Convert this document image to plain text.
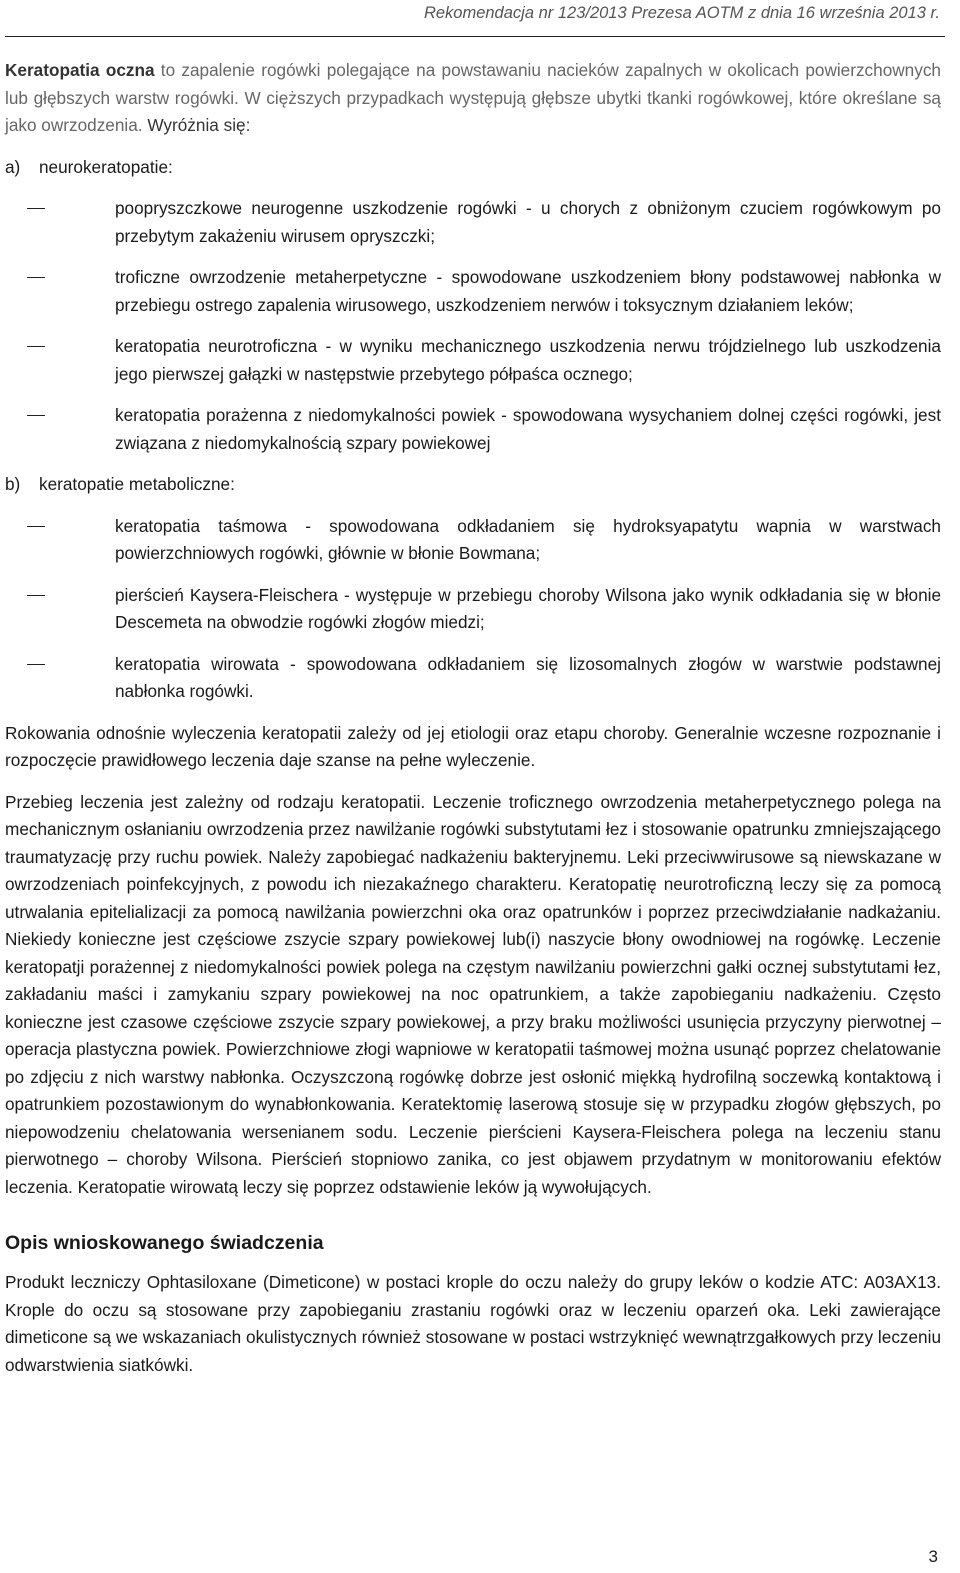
Rekomendacja nr 123/2013 Prezesa AOTM z dnia 16 września 2013 r.

Keratopatia oczna to zapalenie rogówki polegające na powstawaniu nacieków zapalnych w okolicach powierzchownych lub głębszych warstw rogówki. W cięższych przypadkach występują głębsze ubytki tkanki rogówkowej, które określane są jako owrzodzenia. Wyróżnia się:

a)	neurokeratopatie:
poopryszczkowe neurogenne uszkodzenie rogówki - u chorych z obniżonym czuciem rogówkowym po przebytym zakażeniu wirusem opryszczki;
troficzne owrzodzenie metaherpetyczne - spowodowane uszkodzeniem błony podstawowej nabłonka w przebiegu ostrego zapalenia wirusowego, uszkodzeniem nerwów i toksycznym działaniem leków;
keratopatia neurotroficzna - w wyniku mechanicznego uszkodzenia nerwu trójdzielnego lub uszkodzenia jego pierwszej gałązki w następstwie przebytego półpaśca ocznego;
keratopatia porażenna z niedomykalności powiek - spowodowana wysychaniem dolnej części rogówki, jest związana z niedomykalnością szpary powiekowej
b)	keratopatie metaboliczne:
keratopatia taśmowa - spowodowana odkładaniem się hydroksyapatytu wapnia w warstwach powierzchniowych rogówki, głównie w błonie Bowmana;
pierścień Kaysera-Fleischera - występuje w przebiegu choroby Wilsona jako wynik odkładania się w błonie Descemeta na obwodzie rogówki złogów miedzi;
keratopatia wirowata - spowodowana odkładaniem się lizosomalnych złogów w warstwie podstawnej nabłonka rogówki.

Rokowania odnośnie wyleczenia keratopatii zależy od jej etiologii oraz etapu choroby. Generalnie wczesne rozpoznanie i rozpoczęcie prawidłowego leczenia daje szanse na pełne wyleczenie.

Przebieg leczenia jest zależny od rodzaju keratopatii. Leczenie troficznego owrzodzenia metaherpetycznego polega na mechanicznym osłanianiu owrzodzenia przez nawilżanie rogówki substytutami łez i stosowanie opatrunku zmniejszającego traumatyzację przy ruchu powiek. Należy zapobiegać nadkażeniu bakteryjnemu. Leki przeciwwirusowe są niewskazane w owrzodzeniach poinfekcyjnych, z powodu ich niezakaźnego charakteru. Keratopatię neurotroficzną leczy się za pomocą utrwalania epitelializacji za pomocą nawilżania powierzchni oka oraz opatrunków i poprzez przeciwdziałanie nadkażaniu. Niekiedy konieczne jest częściowe zszycie szpary powiekowej lub(i) naszycie błony owodniowej na rogówkę. Leczenie keratopatji porażennej z niedomykalności powiek polega na częstym nawilżaniu powierzchni gałki ocznej substytutami łez, zakładaniu maści i zamykaniu szpary powiekowej na noc opatrunkiem, a także zapobieganiu nadkażeniu. Często konieczne jest czasowe częściowe zszycie szpary powiekowej, a przy braku możliwości usunięcia przyczyny pierwotnej – operacja plastyczna powiek. Powierzchniowe złogi wapniowe w keratopatii taśmowej można usunąć poprzez chelatowanie po zdjęciu z nich warstwy nabłonka. Oczyszczoną rogówkę dobrze jest osłonić miękką hydrofilną soczewką kontaktową i opatrunkiem pozostawionym do wynabłonkowania. Keratektomię laserową stosuje się w przypadku złogów głębszych, po niepowodzeniu chelatowania wersenianem sodu. Leczenie pierścieni Kaysera-Fleischera polega na leczeniu stanu pierwotnego – choroby Wilsona. Pierścień stopniowo zanika, co jest objawem przydatnym w monitorowaniu efektów leczenia. Keratopatie wirowatą leczy się poprzez odstawienie leków ją wywołujących.

Opis wnioskowanego świadczenia

Produkt leczniczy Ophtasiloxane (Dimeticone) w postaci krople do oczu należy do grupy leków o kodzie ATC: A03AX13. Krople do oczu są stosowane przy zapobieganiu zrastaniu rogówki oraz w leczeniu oparzeń oka. Leki zawierające dimeticone są we wskazaniach okulistycznych również stosowane w postaci wstrzyknięć wewnątrzgałkowych przy leczeniu odwarstwienia siatkówki.

3
